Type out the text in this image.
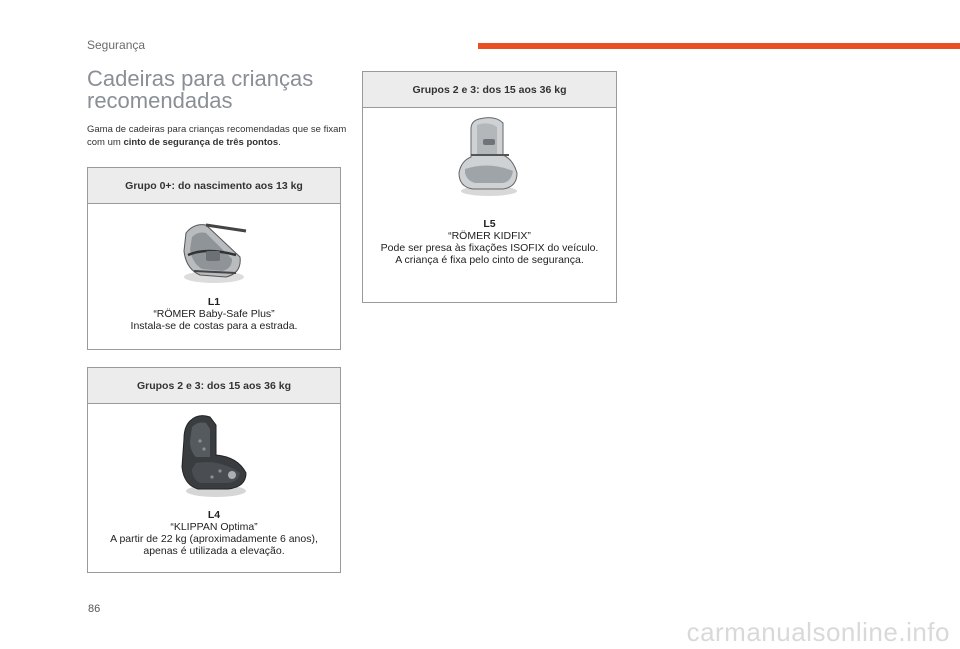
Segurança
Cadeiras para crianças recomendadas

Gama de cadeiras para crianças recomendadas que se fixam com um cinto de segurança de três pontos.

Grupo 0+: do nascimento aos 13 kg
L1
“RÖMER Baby-Safe Plus”
Instala-se de costas para a estrada.
Grupos 2 e 3: dos 15 aos 36 kg
L4
“KLIPPAN Optima”
A partir de 22 kg (aproximadamente 6 anos), apenas é utilizada a elevação.
Grupos 2 e 3: dos 15 aos 36 kg
L5
“RÖMER KIDFIX”
Pode ser presa às fixações ISOFIX do veículo.
A criança é fixa pelo cinto de segurança.
86
carmanualsonline.info
